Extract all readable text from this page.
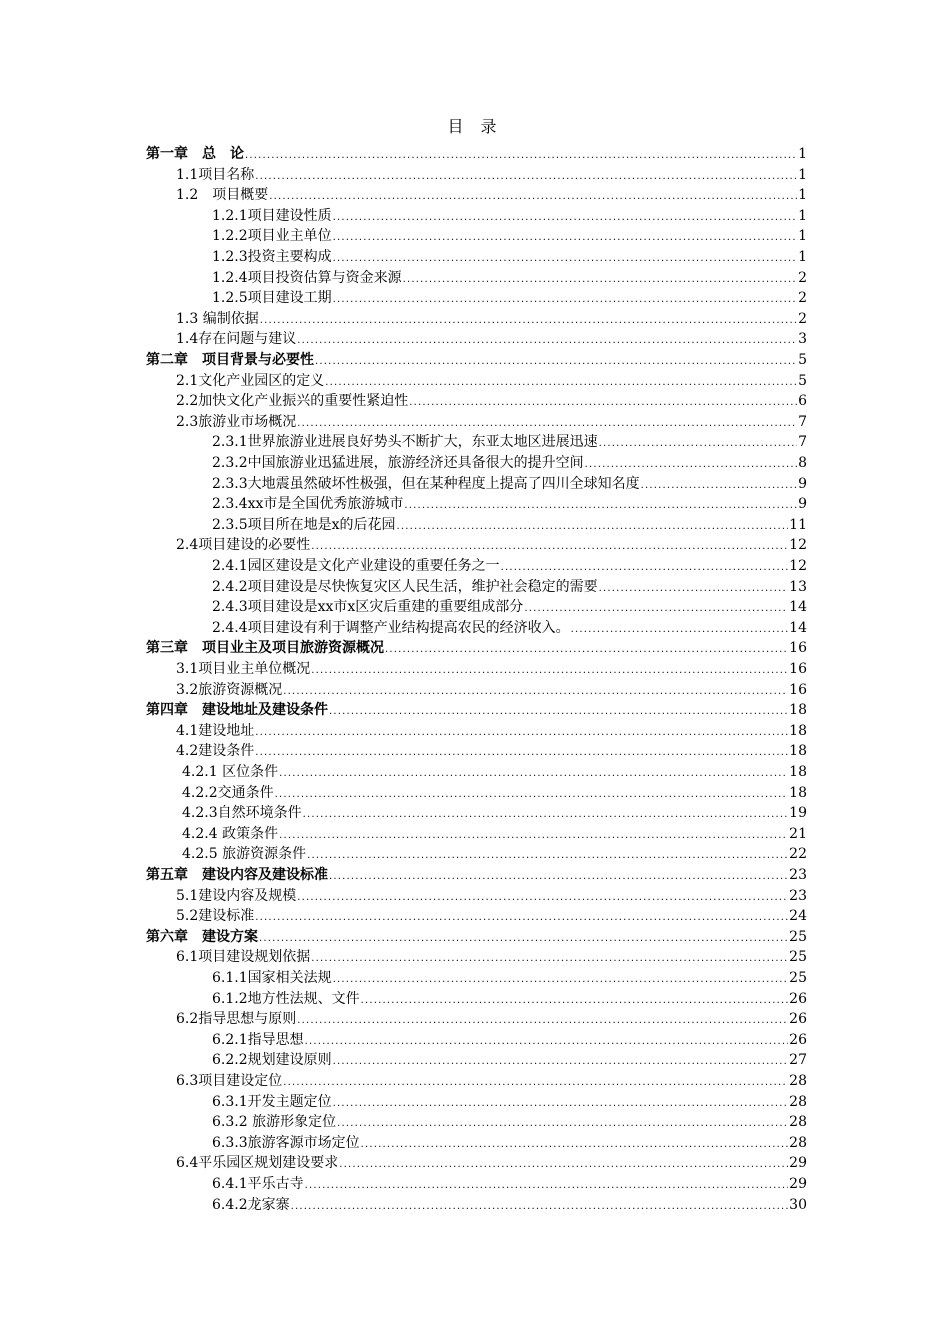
目 录
第一章　总　论 .....	1
1.1项目名称 .....	1
1.2　项目概要 .....	1
1.2.1项目建设性质 .....	1
1.2.2项目业主单位 .....	1
1.2.3投资主要构成 .....	1
1.2.4项目投资估算与资金来源 .....	2
1.2.5项目建设工期 .....	2
1.3 编制依据 .....	2
1.4存在问题与建议 .....	3
第二章　项目背景与必要性 .....	5
2.1文化产业园区的定义 .....	5
2.2加快文化产业振兴的重要性紧迫性 .....	6
2.3旅游业市场概况 .....	7
2.3.1世界旅游业进展良好势头不断扩大，东亚太地区进展迅速 .....	7
2.3.2中国旅游业迅猛进展，旅游经济还具备很大的提升空间 .....	8
2.3.3大地震虽然破坏性极强，但在某种程度上提高了四川全球知名度 .....	9
2.3.4xx市是全国优秀旅游城市 .....	9
2.3.5项目所在地是x的后花园 .....	11
2.4项目建设的必要性 .....	12
2.4.1园区建设是文化产业建设的重要任务之一 .....	12
2.4.2项目建设是尽快恢复灾区人民生活，维护社会稳定的需要 .....	13
2.4.3项目建设是xx市x区灾后重建的重要组成部分 .....	14
2.4.4项目建设有利于调整产业结构提高农民的经济收入。 .....	14
第三章　项目业主及项目旅游资源概况 .....	16
3.1项目业主单位概况 .....	16
3.2旅游资源概况 .....	16
第四章　建设地址及建设条件 .....	18
4.1建设地址 .....	18
4.2建设条件 .....	18
4.2.1 区位条件 .....	18
4.2.2交通条件 .....	18
4.2.3自然环境条件 .....	19
4.2.4 政策条件 .....	21
4.2.5 旅游资源条件 .....	22
第五章　建设内容及建设标准 .....	23
5.1建设内容及规模 .....	23
5.2建设标准 .....	24
第六章　建设方案 .....	25
6.1项目建设规划依据 .....	25
6.1.1国家相关法规 .....	25
6.1.2地方性法规、文件 .....	26
6.2指导思想与原则 .....	26
6.2.1指导思想 .....	26
6.2.2规划建设原则 .....	27
6.3项目建设定位 .....	28
6.3.1开发主题定位 .....	28
6.3.2 旅游形象定位 .....	28
6.3.3旅游客源市场定位 .....	28
6.4平乐园区规划建设要求 .....	29
6.4.1平乐古寺 .....	29
6.4.2龙家寨 .....	30
